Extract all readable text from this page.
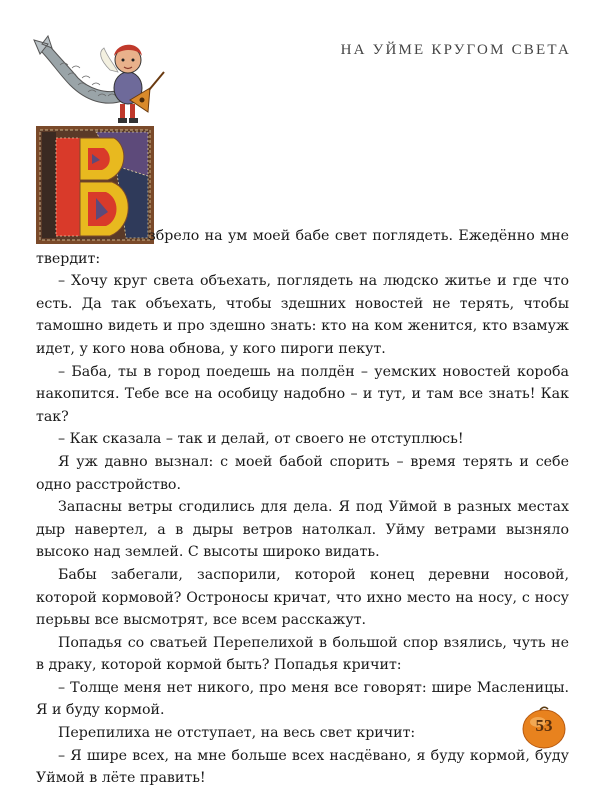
НА УЙМЕ КРУГОМ СВЕТА

збрело на ум моей бабе свет поглядеть. Ежедённо мне твердит:

– Хочу круг света объехать, поглядеть на людско житье и где что есть. Да так объехать, чтобы здешних новостей не терять, чтобы тамошно видеть и про здешно знать: кто на ком женится, кто взамуж идет, у кого нова обнова, у кого пироги пекут.

– Баба, ты в город поедешь на полдён – уемских новостей короба накопится. Тебе все на особицу надобно – и тут, и там все знать! Как так?

– Как сказала – так и делай, от своего не отступлюсь!

Я уж давно вызнал: с моей бабой спорить – время терять и себе одно расстройство.

Запасны ветры сгодились для дела. Я под Уймой в разных местах дыр навертел, а в дыры ветров натолкал. Уйму ветрами вызняло высоко над землей. С высоты широко видать.

Бабы забегали, заспорили, которой конец деревни носовой, которой кормовой? Остроносы кричат, что ихно место на носу, с носу перьвы все высмотрят, все всем расскажут.

Попадья со сватьей Перепелихой в большой спор взялись, чуть не в драку, которой кормой быть? Попадья кричит:

– Толще меня нет никого, про меня все говорят: шире Масленицы. Я и буду кормой.

Перепилиха не отступает, на весь свет кричит:

– Я шире всех, на мне больше всех насдёвано, я буду кормой, буду Уймой в лёте править!

53
